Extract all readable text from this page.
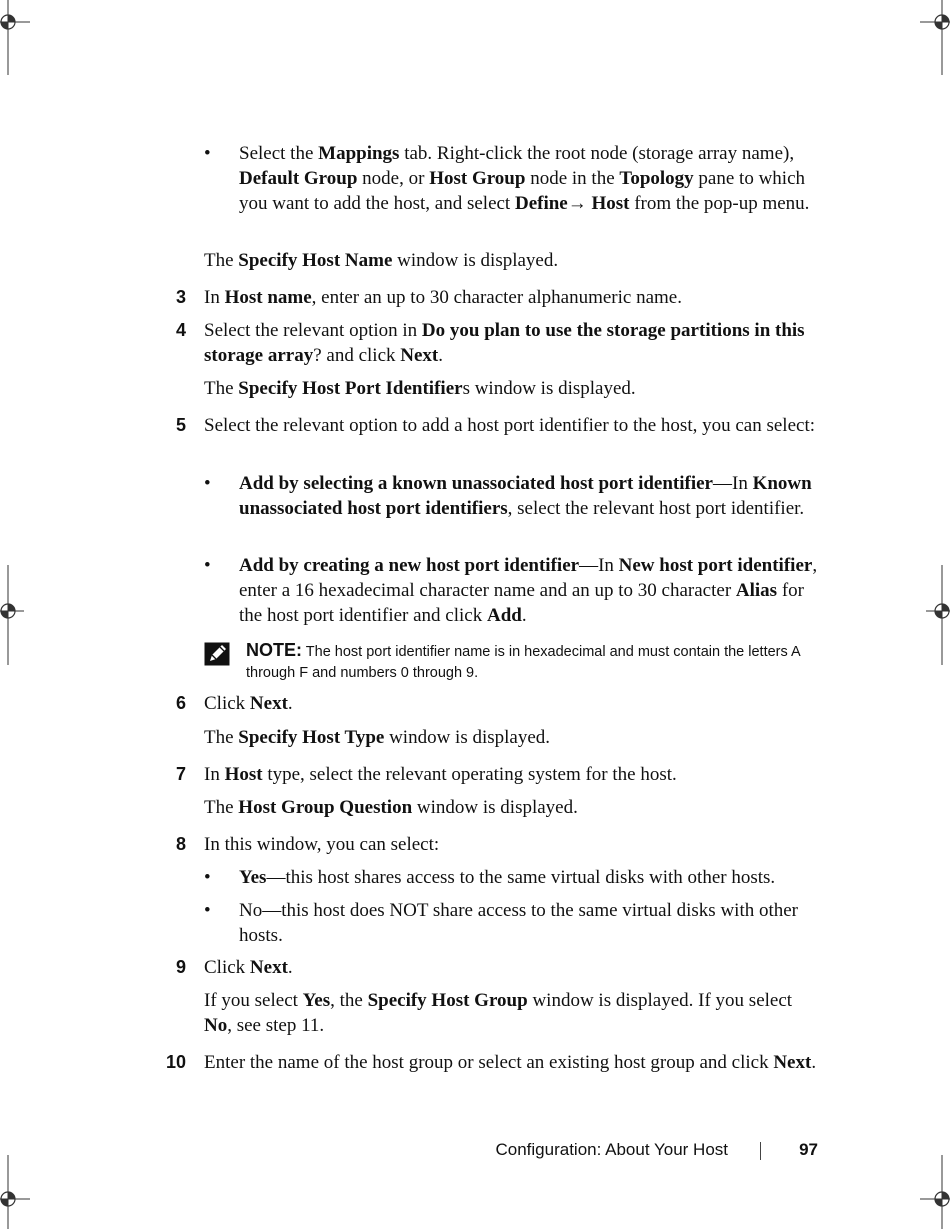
• Select the Mappings tab. Right-click the root node (storage array name), Default Group node, or Host Group node in the Topology pane to which you want to add the host, and select Define→ Host from the pop-up menu.
The Specify Host Name window is displayed.
3 In Host name, enter an up to 30 character alphanumeric name.
4 Select the relevant option in Do you plan to use the storage partitions in this storage array? and click Next.
The Specify Host Port Identifiers window is displayed.
5 Select the relevant option to add a host port identifier to the host, you can select:
• Add by selecting a known unassociated host port identifier—In Known unassociated host port identifiers, select the relevant host port identifier.
• Add by creating a new host port identifier—In New host port identifier, enter a 16 hexadecimal character name and an up to 30 character Alias for the host port identifier and click Add.
NOTE: The host port identifier name is in hexadecimal and must contain the letters A through F and numbers 0 through 9.
6 Click Next.
The Specify Host Type window is displayed.
7 In Host type, select the relevant operating system for the host.
The Host Group Question window is displayed.
8 In this window, you can select:
• Yes—this host shares access to the same virtual disks with other hosts.
• No—this host does NOT share access to the same virtual disks with other hosts.
9 Click Next.
If you select Yes, the Specify Host Group window is displayed. If you select No, see step 11.
10 Enter the name of the host group or select an existing host group and click Next.
Configuration: About Your Host	97
